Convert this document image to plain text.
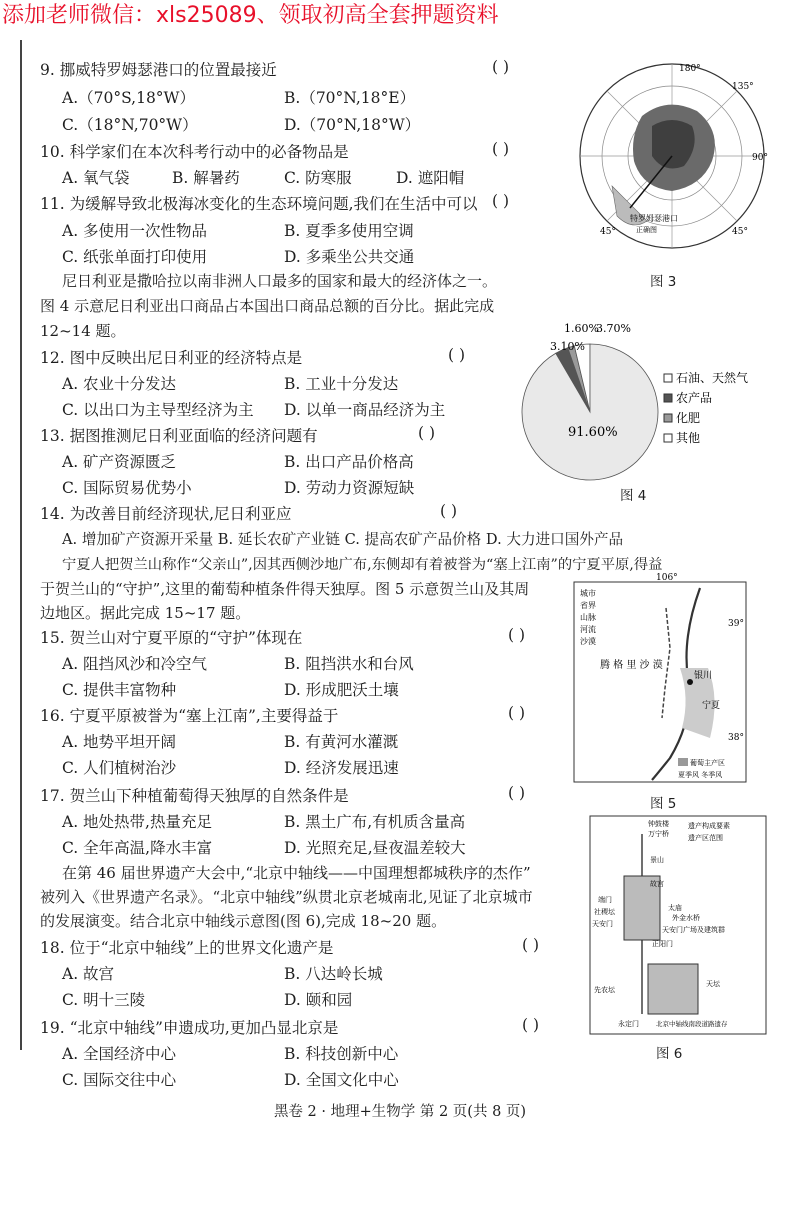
添加老师微信：xls25089、领取初高全套押题资料
9. 挪威特罗姆瑟港口的位置最接近	( )
A.（70°S,18°W）	B.（70°N,18°E）
C.（18°N,70°W）	D.（70°N,18°W）
10. 科学家们在本次科考行动中的必备物品是	( )
A. 氧气袋	B. 解暑药	C. 防寒服	D. 遮阳帽
11. 为缓解导致北极海冰变化的生态环境问题,我们在生活中可以 ( )
A. 多使用一次性物品	B. 夏季多使用空调
C. 纸张单面打印使用	D. 多乘坐公共交通
尼日利亚是撒哈拉以南非洲人口最多的国家和最大的经济体之一。
图 4 示意尼日利亚出口商品占本国出口商品总额的百分比。据此完成
12~14 题。
12. 图中反映出尼日利亚的经济特点是	( )
A. 农业十分发达	B. 工业十分发达
C. 以出口为主导型经济为主 D. 以单一商品经济为主
13. 据图推测尼日利亚面临的经济问题有	( )
A. 矿产资源匮乏	B. 出口产品价格高
C. 国际贸易优势小	D. 劳动力资源短缺
14. 为改善目前经济现状,尼日利亚应	( )
A. 增加矿产资源开采量 B. 延长农矿产业链 C. 提高农矿产品价格 D. 大力进口国外产品
宁夏人把贺兰山称作“父亲山”,因其西侧沙地广布,东侧却有着被誉为“塞上江南”的宁夏平原,得益
于贺兰山的“守护”,这里的葡萄种植条件得天独厚。图 5 示意贺兰山及其周
边地区。据此完成 15~17 题。
15. 贺兰山对宁夏平原的“守护”体现在	( )
A. 阻挡风沙和冷空气	B. 阻挡洪水和台风
C. 提供丰富物种	D. 形成肥沃土壤
16. 宁夏平原被誉为“塞上江南”,主要得益于	( )
A. 地势平坦开阔	B. 有黄河水灌溉
C. 人们植树治沙	D. 经济发展迅速
17. 贺兰山下种植葡萄得天独厚的自然条件是	( )
A. 地处热带,热量充足	B. 黑土广布,有机质含量高
C. 全年高温,降水丰富	D. 光照充足,昼夜温差较大
在第 46 届世界遗产大会中,“北京中轴线——中国理想都城秩序的杰作”
被列入《世界遗产名录》。“北京中轴线”纵贯北京老城南北,见证了北京城市
的发展演变。结合北京中轴线示意图(图 6),完成 18~20 题。
18. 位于“北京中轴线”上的世界文化遗产是	( )
A. 故宫	B. 八达岭长城
C. 明十三陵	D. 颐和园
19. “北京中轴线”申遗成功,更加凸显北京是	( )
A. 全国经济中心	B. 科技创新中心
C. 国际交往中心	D. 全国文化中心
黑卷 2 · 地理+生物学 第 2 页(共 8 页)
180°
135°
90°
45°	45°
特罗姆瑟港口
正确图
图 3
3.10%
1.60%
3.70%
91.60%
石油、天然气
农产品
化肥
其他
图 4
106°
39°
38°
城市
省界
山脉
河流
沙漠
腾 格 里 沙 漠
银川
宁夏
葡萄主产区
夏季风 冬季风
图 5
遗产构成要素
遗产区范围
钟鼓楼
万宁桥
景山
故宫
端门
社稷坛	太庙
外金水桥
天安门
天安门广场及建筑群
正阳门
天坛
先农坛
永定门	北京中轴线南段道路遗存
图 6
